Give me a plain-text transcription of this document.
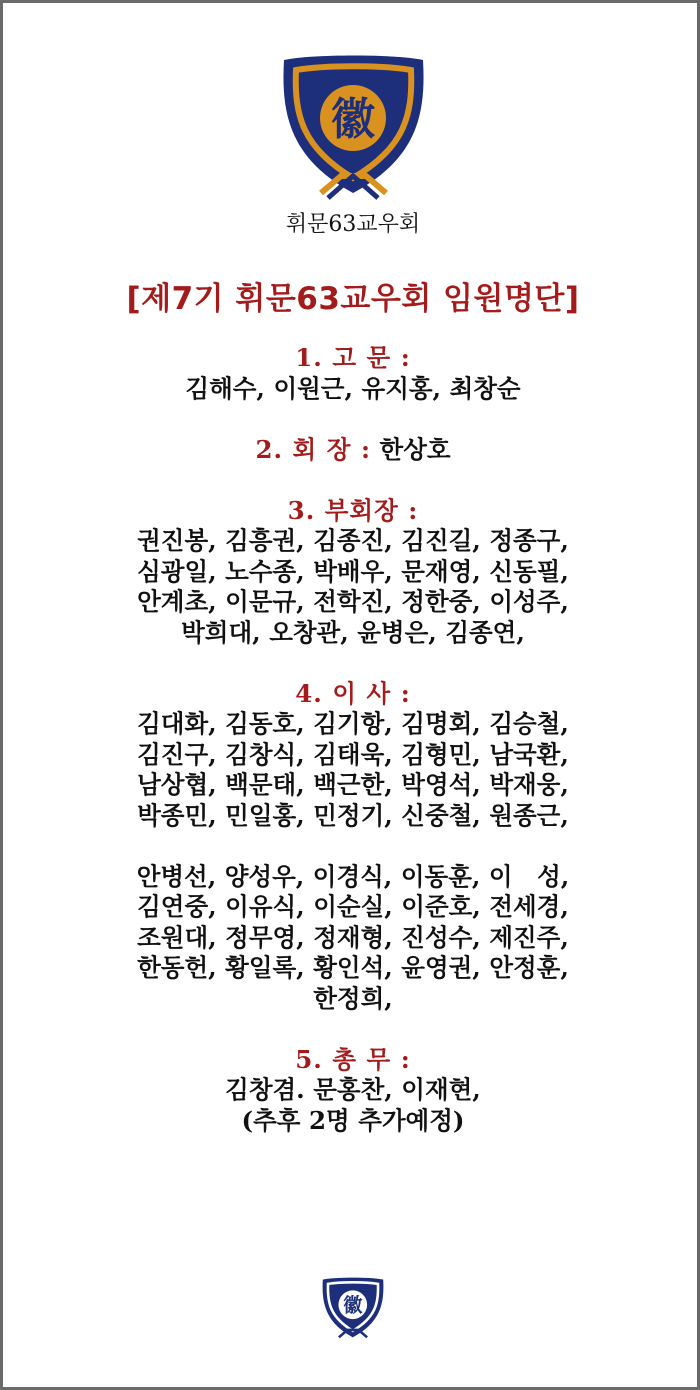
徽
휘문63교우회
[제7기 휘문63교우회 임원명단]
1. 고 문 :
김해수, 이원근, 유지홍, 최창순
2. 회 장 : 한상호
3. 부회장 :
권진봉, 김흥권, 김종진, 김진길, 정종구,
심광일, 노수종, 박배우, 문재영, 신동필,
안계초, 이문규, 전학진, 정한중, 이성주,
박희대, 오창관, 윤병은, 김종연,
4. 이 사 :
김대화, 김동호, 김기항, 김명회, 김승철,
김진구, 김창식, 김태욱, 김형민, 남국환,
남상협, 백문태, 백근한, 박영석, 박재웅,
박종민, 민일홍, 민정기, 신중철, 원종근,
안병선, 양성우, 이경식, 이동훈, 이　성,
김연중, 이유식, 이순실, 이준호, 전세경,
조원대, 정무영, 정재형, 진성수, 제진주,
한동헌, 황일록, 황인석, 윤영권, 안정훈,
한정희,
5. 총 무 :
김창겸. 문홍찬, 이재현,
(추후 2명 추가예정)
徽
